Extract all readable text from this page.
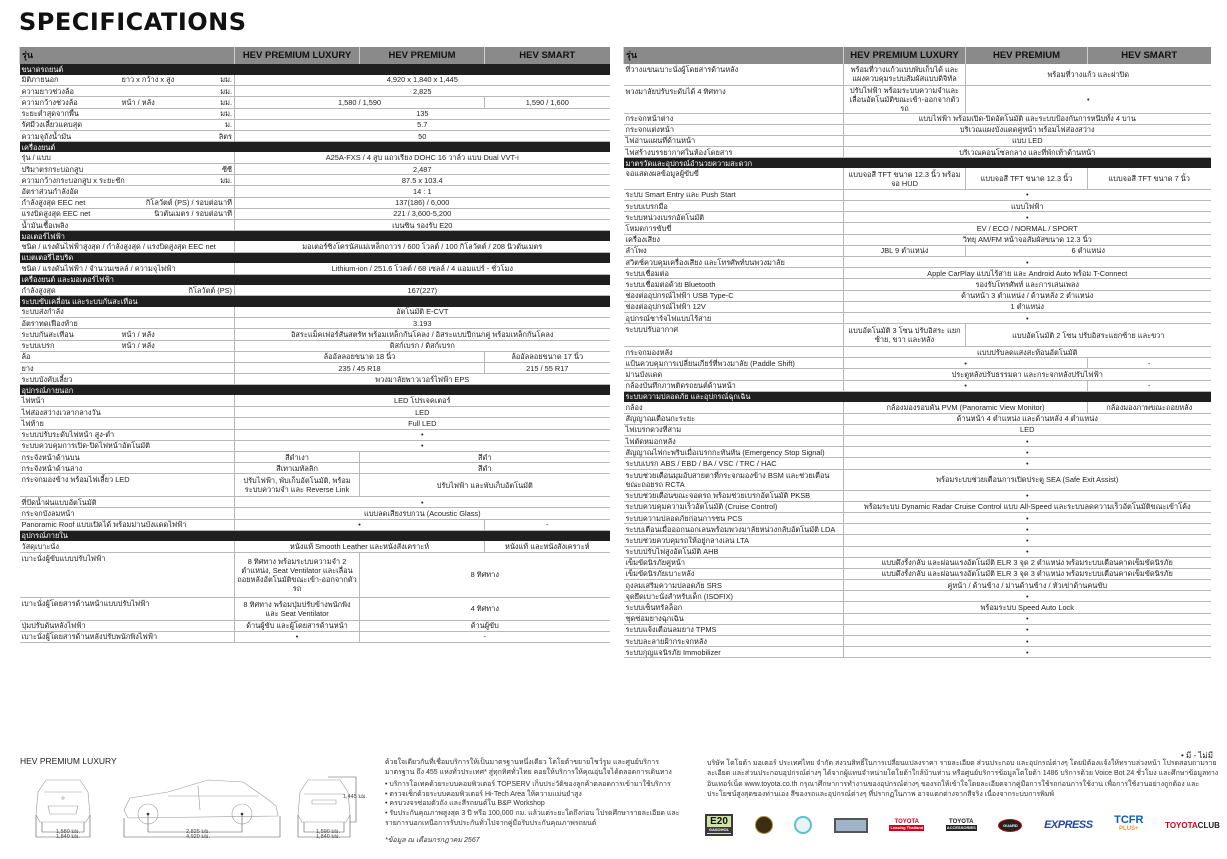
SPECIFICATIONS
รุ่น			HEV PREMIUM LUXURY	HEV PREMIUM	HEV SMART
ขนาดรถยนต์					
มิติภายนอก	ยาว x กว้าง x สูง	มม.	4,920 x 1,840 x 1,445		
ความยาวช่วงล้อ		มม.	2,825		
ความกว้างช่วงล้อ	หน้า / หลัง	มม.	1,580 / 1,590		1,590 / 1,600
ระยะต่ำสุดจากพื้น		มม.	135		
รัศมีวงเลี้ยวแคบสุด		ม.	5.7		
ความจุถังน้ำมัน		ลิตร	50		
เครื่องยนต์					
รุ่น / แบบ			A25A-FXS / 4 สูบ แถวเรียง DOHC 16 วาล์ว แบบ Dual VVT-i		
ปริมาตรกระบอกสูบ		ซีซี	2,487		
ความกว้างกระบอกสูบ x ระยะชัก		มม.	87.5 x 103.4		
อัตราส่วนกำลังอัด			14 : 1		
กำลังสูงสุด EEC net	กิโลวัตต์ (PS) / รอบต่อนาที		137(186) / 6,000		
แรงบิดสูงสุด EEC net	นิวตันเมตร / รอบต่อนาที		221 / 3,600-5,200		
น้ำมันเชื้อเพลิง			เบนซิน รองรับ E20		
มอเตอร์ไฟฟ้า					
ชนิด / แรงดันไฟฟ้าสูงสุด / กำลังสูงสุด / แรงบิดสูงสุด EEC net			มอเตอร์ซิงโครนัสแม่เหล็กถาวร / 600 โวลต์ / 100 กิโลวัตต์ / 208 นิวตันเมตร		
แบตเตอรี่ไฮบริด					
ชนิด / แรงดันไฟฟ้า / จำนวนเซลล์ / ความจุไฟฟ้า			Lithium-ion / 251.6 โวลต์ / 68 เซลล์ / 4 แอมแปร์ - ชั่วโมง		
เครื่องยนต์ และมอเตอร์ไฟฟ้า					
กำลังสูงสุด	กิโลวัตต์ (PS)		167(227)		
ระบบขับเคลื่อน และระบบกันสะเทือน					
ระบบส่งกำลัง			อัตโนมัติ E-CVT		
อัตราทดเฟืองท้าย			3.193		
ระบบกันสะเทือน	หน้า / หลัง		อิสระแม็คเฟอร์สันสตรัท พร้อมเหล็กกันโคลง / อิสระแบบปีกนกคู่ พร้อมเหล็กกันโคลง		
ระบบเบรก	หน้า / หลัง		ดิสก์เบรก / ดิสก์เบรก		
ล้อ			ล้ออัลลอยขนาด 18 นิ้ว		ล้ออัลลอยขนาด 17 นิ้ว
ยาง			235 / 45 R18		215 / 55 R17
ระบบบังคับเลี้ยว			พวงมาลัยพาวเวอร์ไฟฟ้า EPS		
อุปกรณ์ภายนอก					
ไฟหน้า			LED โปรเจคเตอร์		
ไฟส่องสว่างเวลากลางวัน			LED		
ไฟท้าย			Full LED		
ระบบปรับระดับไฟหน้า สูง-ต่ำ			•		
ระบบควบคุมการเปิด-ปิดไฟหน้าอัตโนมัติ			•		
กระจังหน้าด้านบน			สีดำเงา	สีดำ	
กระจังหน้าด้านล่าง			สีเทาเมทัลลิก	สีดำ	
กระจกมองข้าง พร้อมไฟเลี้ยว LED			ปรับไฟฟ้า, พับเก็บอัตโนมัติ, พร้อมระบบความจำ และ Reverse Link	ปรับไฟฟ้า และพับเก็บอัตโนมัติ	
ที่ปัดน้ำฝนแบบอัตโนมัติ			•		
กระจกบังลมหน้า			แบบลดเสียงรบกวน (Acoustic Glass)		
Panoramic Roof แบบเปิดได้ พร้อมม่านบังแดดไฟฟ้า			•		-
อุปกรณ์ภายใน					
วัสดุเบาะนั่ง			หนังแท้ Smooth Leather และหนังสังเคราะห์		หนังแท้ และหนังสังเคราะห์
เบาะนั่งผู้ขับแบบปรับไฟฟ้า			8 ทิศทาง พร้อมระบบความจำ 2 ตำแหน่ง, Seat Ventilator และเลื่อนถอยหลังอัตโนมัติขณะเข้า-ออกจากตัวรถ	8 ทิศทาง	
เบาะนั่งผู้โดยสารด้านหน้าแบบปรับไฟฟ้า			8 ทิศทาง พร้อมปุ่มปรับข้างพนักพิง และ Seat Ventilator	4 ทิศทาง	
ปุ่มปรับดันหลังไฟฟ้า			ด้านผู้ขับ และผู้โดยสารด้านหน้า	ด้านผู้ขับ	
เบาะนั่งผู้โดยสารด้านหลังปรับพนักพิงไฟฟ้า			•	-	
รุ่น	HEV PREMIUM LUXURY	HEV PREMIUM	HEV SMART
ที่วางแขนเบาะนั่งผู้โดยสารด้านหลัง	พร้อมที่วางแก้วแบบพับเก็บได้ และแผงควบคุมระบบสัมผัสแบบดิจิทัล	พร้อมที่วางแก้ว และฝาปิด	
พวงมาลัยปรับระดับได้ 4 ทิศทาง	ปรับไฟฟ้า พร้อมระบบความจำและ เลื่อนอัตโนมัติขณะเข้า-ออกจากตัวรถ	•	
กระจกหน้าต่าง	แบบไฟฟ้า พร้อมเปิด-ปิดอัตโนมัติ และระบบป้องกันการหนีบทั้ง 4 บาน		
กระจกแต่งหน้า	บริเวณแผงบังแดดคู่หน้า พร้อมไฟส่องสว่าง		
ไฟอ่านแผนที่ด้านหน้า	แบบ LED		
ไฟสร้างบรรยากาศในห้องโดยสาร	บริเวณคอนโซลกลาง และที่พักเท้าด้านหน้า		
มาตรวัดและอุปกรณ์อำนวยความสะดวก			
จอแสดงผลข้อมูลผู้ขับขี่	แบบจอสี TFT ขนาด 12.3 นิ้ว พร้อมจอ HUD	แบบจอสี TFT ขนาด 12.3 นิ้ว	แบบจอสี TFT ขนาด 7 นิ้ว
ระบบ Smart Entry และ Push Start	•		
ระบบเบรกมือ	แบบไฟฟ้า		
ระบบหน่วงเบรกอัตโนมัติ	•		
โหมดการขับขี่	EV / ECO / NORMAL / SPORT		
เครื่องเสียง	วิทยุ AM/FM หน้าจอสัมผัสขนาด 12.3 นิ้ว		
ลำโพง	JBL 9 ตำแหน่ง	6 ตำแหน่ง	
สวิตช์ควบคุมเครื่องเสียง และโทรศัพท์บนพวงมาลัย	•		
ระบบเชื่อมต่อ	Apple CarPlay แบบไร้สาย และ Android Auto พร้อม T-Connect		
ระบบเชื่อมต่อด้วย Bluetooth	รองรับโทรศัพท์ และการเล่นเพลง		
ช่องต่ออุปกรณ์ไฟฟ้า USB Type-C	ด้านหน้า 3 ตำแหน่ง / ด้านหลัง 2 ตำแหน่ง		
ช่องต่ออุปกรณ์ไฟฟ้า 12V	1 ตำแหน่ง		
อุปกรณ์ชาร์จไฟแบบไร้สาย	•		
ระบบปรับอากาศ	แบบอัตโนมัติ 3 โซน ปรับอิสระ แยกซ้าย, ขวา และหลัง	แบบอัตโนมัติ 2 โซน ปรับอิสระแยกซ้าย และขวา	
กระจกมองหลัง	แบบปรับลดแสงสะท้อนอัตโนมัติ		
แป้นควบคุมการเปลี่ยนเกียร์ที่พวงมาลัย (Paddle Shift)	•		-
ม่านบังแดด	ประตูหลังปรับธรรมดา และกระจกหลังปรับไฟฟ้า		
กล้องบันทึกภาพติดรถยนต์ด้านหน้า	•		-
ระบบความปลอดภัย และอุปกรณ์ฉุกเฉิน			
กล้อง	กล้องมองรอบคัน PVM (Panoramic View Monitor)		กล้องมองภาพขณะถอยหลัง
สัญญาณเตือนกะระยะ	ด้านหน้า 4 ตำแหน่ง และด้านหลัง 4 ตำแหน่ง		
ไฟเบรกดวงที่สาม	LED		
ไฟตัดหมอกหลัง	•		
สัญญาณไฟกะพริบเมื่อเบรกกะทันหัน (Emergency Stop Signal)	•		
ระบบเบรก ABS / EBD / BA / VSC / TRC / HAC	•		
ระบบช่วยเตือนมุมอับสายตาที่กระจกมองข้าง BSM และช่วยเตือนขณะถอยรถ RCTA	พร้อมระบบช่วยเตือนการเปิดประตู SEA (Safe Exit Assist)		
ระบบช่วยเตือนขณะจอดรถ พร้อมช่วยเบรกอัตโนมัติ PKSB	•		
ระบบควบคุมความเร็วอัตโนมัติ (Cruise Control)	พร้อมระบบ Dynamic Radar Cruise Control แบบ All-Speed และระบบลดความเร็วอัตโนมัติขณะเข้าโค้ง		
ระบบความปลอดภัยก่อนการชน PCS	•		
ระบบเตือนเมื่อออกนอกเลนพร้อมพวงมาลัยหน่วงกลับอัตโนมัติ LDA	•		
ระบบช่วยควบคุมรถให้อยู่กลางเลน LTA	•		
ระบบปรับไฟสูงอัตโนมัติ AHB	•		
เข็มขัดนิรภัยคู่หน้า	แบบดึงรั้งกลับ และผ่อนแรงอัตโนมัติ ELR 3 จุด 2 ตำแหน่ง พร้อมระบบเตือนคาดเข็มขัดนิรภัย		
เข็มขัดนิรภัยเบาะหลัง	แบบดึงรั้งกลับ และผ่อนแรงอัตโนมัติ ELR 3 จุด 3 ตำแหน่ง พร้อมระบบเตือนคาดเข็มขัดนิรภัย		
ถุงลมเสริมความปลอดภัย SRS	คู่หน้า / ด้านข้าง / ม่านด้านข้าง / หัวเข่าด้านคนขับ		
จุดยึดเบาะนั่งสำหรับเด็ก (ISOFIX)	•		
ระบบเซ็นทรัลล็อก	พร้อมระบบ Speed Auto Lock		
ชุดซ่อมยางฉุกเฉิน	•		
ระบบแจ้งเตือนลมยาง TPMS	•		
ระบบละลายฝ้ากระจกหลัง	•		
ระบบกุญแจนิรภัย Immobilizer	•		
• มี - ไม่มี
HEV PREMIUM LUXURY
1,580 มม.
1,840 มม.
2,825 มม.
4,920 มม.
1,590 มม.
1,840 มม.
1,445 มม.

ด้วยใจเดียวกันที่เชื่อมบริการให้เป็นมาตรฐานหนึ่งเดียว โตโยต้าขยายโชว์รูม และศูนย์บริการมาตรฐาน ถึง 455 แห่งทั่วประเทศ* สู่ทุกทิศทั่วไทย คอยให้บริการให้คุณอุ่นใจได้ตลอดการเดินทาง

• บริการโอเทคด้วยระบบคอมพิวเตอร์ TOPSERV เก็บประวัติของลูกค้าตลอดการเข้ามาใช้บริการ
• ตรวจเช็กด้วยระบบคอมพิวเตอร์ Hi-Tech Area ให้ความแม่นยำสูง
• ครบวงจรซ่อมตัวถัง และสีรถยนต์ใน B&P Workshop
• รับประกันคุณภาพสูงสุด 3 ปี หรือ 100,000 กม. แล้วแต่ระยะใดถึงก่อน โปรดศึกษารายละเอียด และรายการนอกเหนือการรับประกันทั่วไปจากคู่มือรับประกันคุณภาพรถยนต์

*ข้อมูล ณ เดือนกรกฎาคม 2567

บริษัท โตโยต้า มอเตอร์ ประเทศไทย จำกัด สงวนสิทธิ์ในการเปลี่ยนแปลงราคา รายละเอียด ส่วนประกอบ และอุปกรณ์ต่างๆ โดยมิต้องแจ้งให้ทราบล่วงหน้า โปรดสอบถามรายละเอียด และส่วนประกอบอุปกรณ์ต่างๆ ได้จากผู้แทนจำหน่ายโตโยต้าใกล้บ้านท่าน หรือศูนย์บริการข้อมูลโตโยต้า 1486 บริการด้วย Voice Bot 24 ชั่วโมง และศึกษาข้อมูลทางอินเทอร์เน็ต www.toyota.co.th กรุณาศึกษาการทำงานของอุปกรณ์ต่างๆ ของรถให้เข้าใจโดยละเอียดจากคู่มือการใช้รถก่อนการใช้งาน เพื่อการใช้งานอย่างถูกต้อง และประโยชน์สูงสุดของท่านเอง สีของรถและอุปกรณ์ต่างๆ ที่ปรากฏในภาพ อาจแตกต่างจากสีจริง เนื่องจากระบบการพิมพ์
E20
GASOHOL
TOYOTA
Leasing Thailand
TOYOTA
ACCESSORIES	GUARD	EXPRESS TCFR
PLUS+	TOYOTA CLUB
